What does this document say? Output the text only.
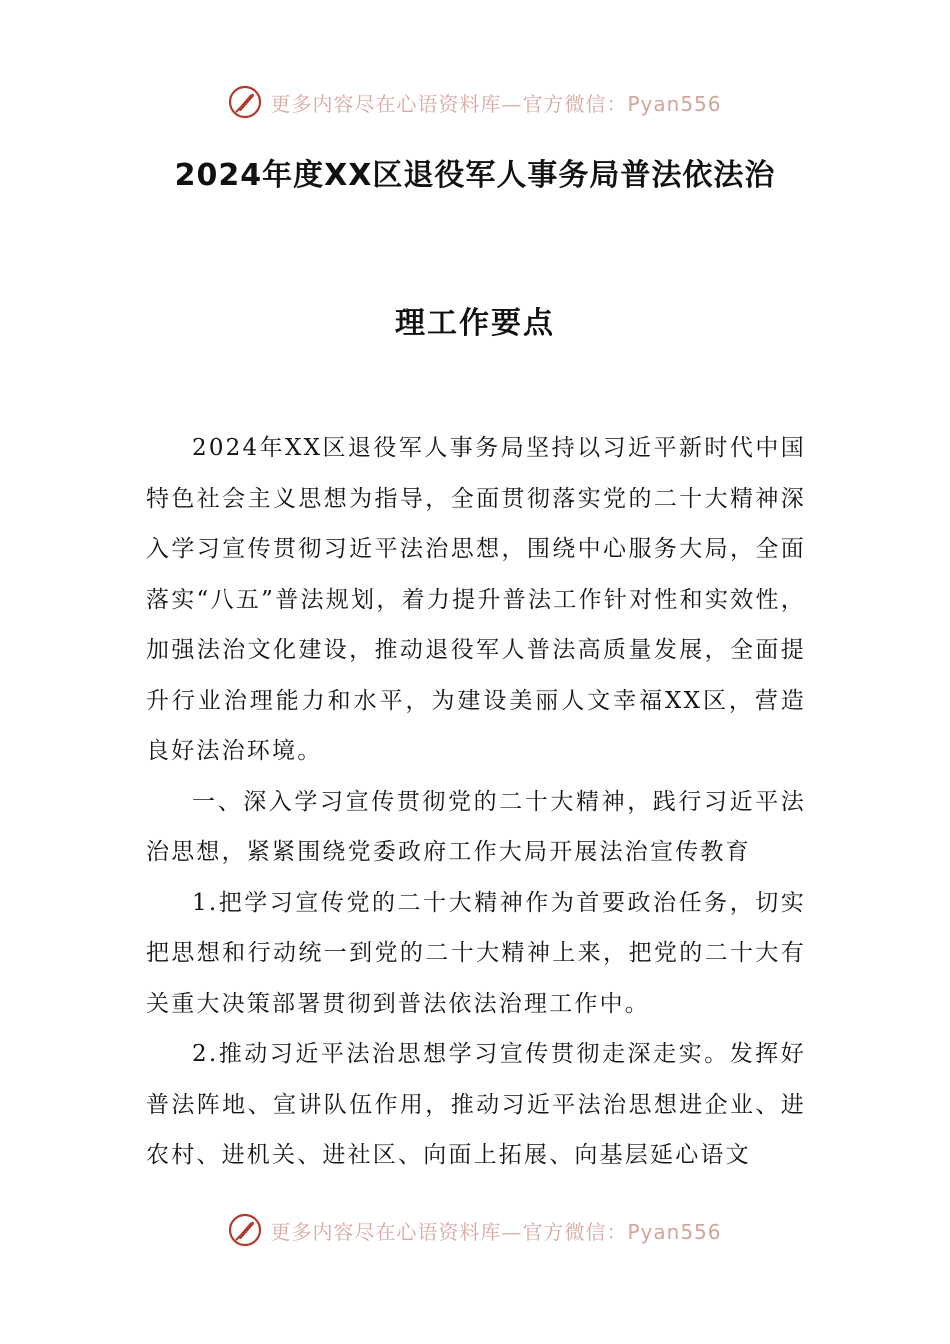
更多内容尽在心语资料库—官方微信：Pyan556
2024年度XX区退役军人事务局普法依法治
理工作要点

2024年XX区退役军人事务局坚持以习近平新时代中国特色社会主义思想为指导，全面贯彻落实党的二十大精神深入学习宣传贯彻习近平法治思想，围绕中心服务大局，全面落实“八五”普法规划，着力提升普法工作针对性和实效性，加强法治文化建设，推动退役军人普法高质量发展，全面提升行业治理能力和水平，为建设美丽人文幸福XX区，营造良好法治环境。

一、深入学习宣传贯彻党的二十大精神，践行习近平法治思想，紧紧围绕党委政府工作大局开展法治宣传教育

1.把学习宣传党的二十大精神作为首要政治任务，切实把思想和行动统一到党的二十大精神上来，把党的二十大有关重大决策部署贯彻到普法依法治理工作中。

2.推动习近平法治思想学习宣传贯彻走深走实。发挥好普法阵地、宣讲队伍作用，推动习近平法治思想进企业、进农村、进机关、进社区、向面上拓展、向基层延心语文

更多内容尽在心语资料库—官方微信：Pyan556
